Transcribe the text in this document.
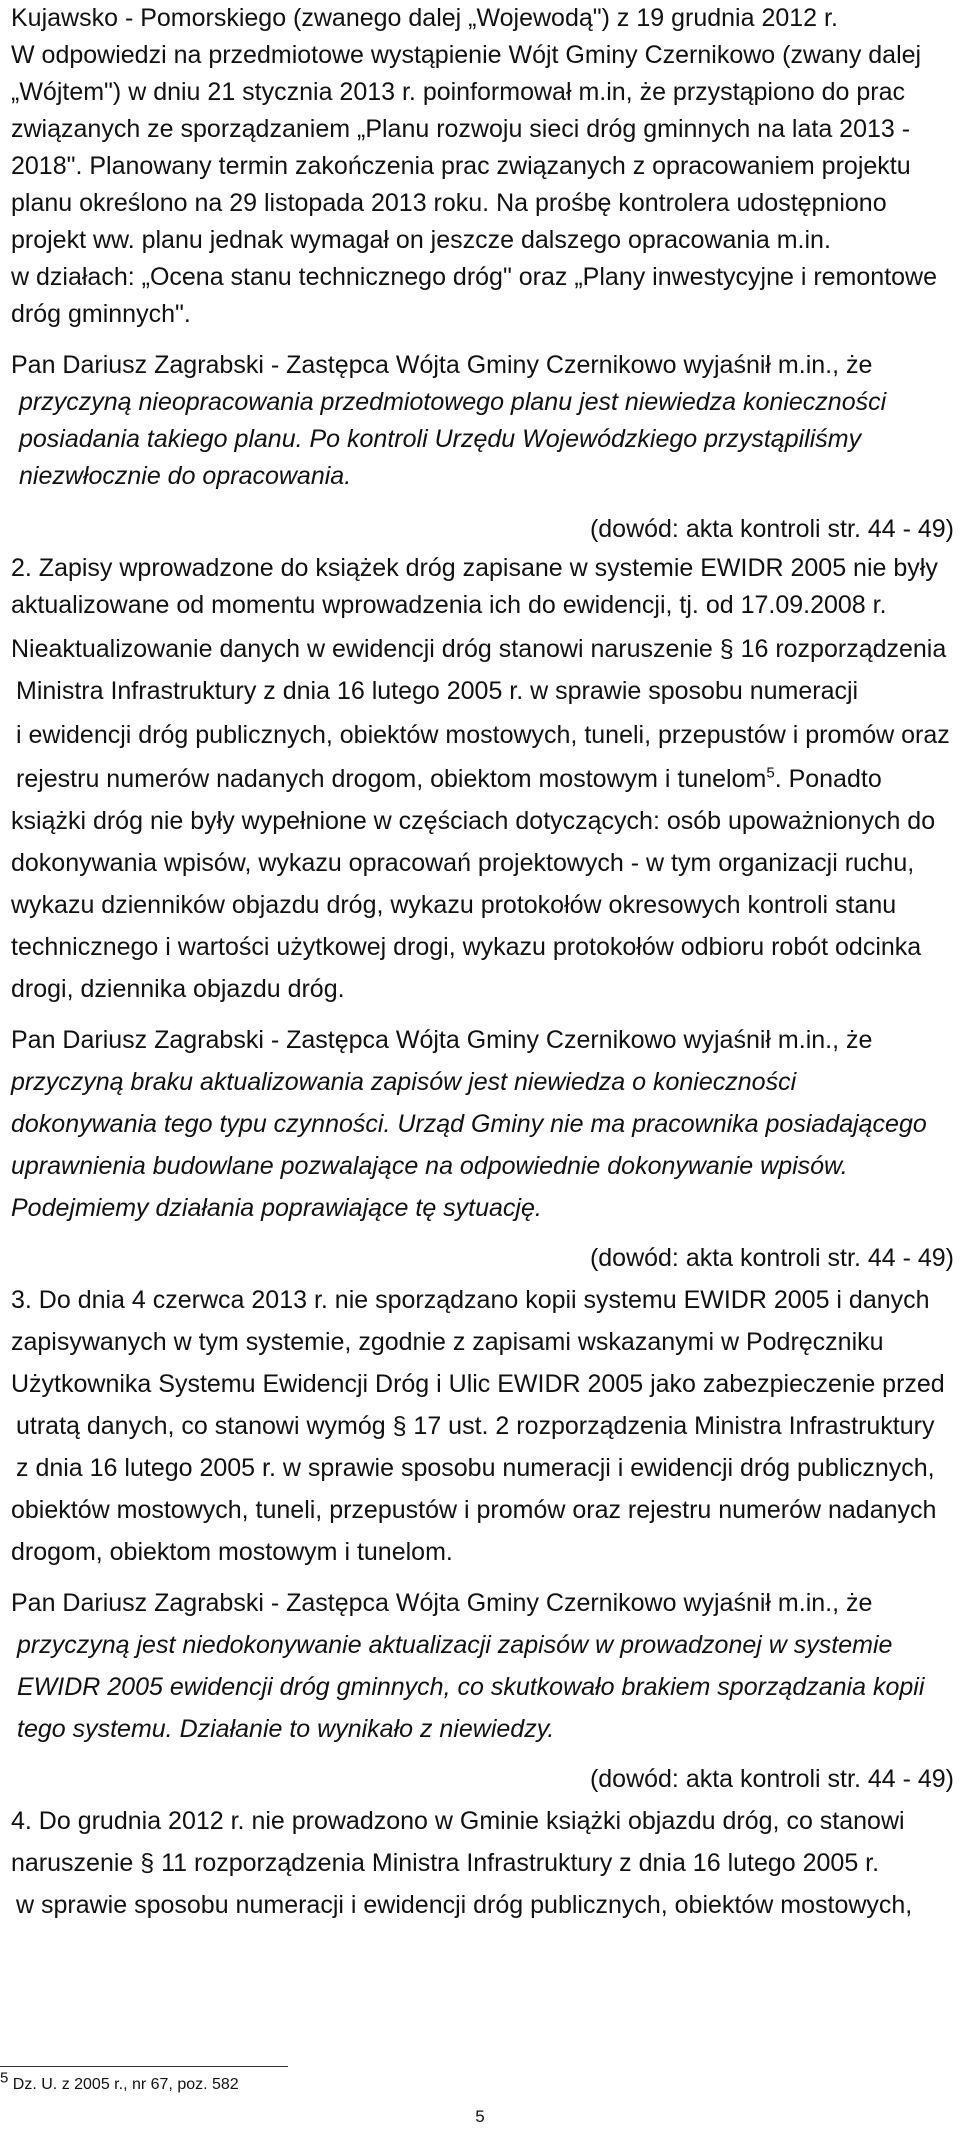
Kujawsko - Pomorskiego (zwanego dalej „Wojewodą") z 19 grudnia 2012 r.
W odpowiedzi na przedmiotowe wystąpienie Wójt Gminy Czernikowo (zwany dalej
„Wójtem") w dniu 21 stycznia 2013 r. poinformował m.in, że przystąpiono do prac
związanych ze sporządzaniem „Planu rozwoju sieci dróg gminnych na lata 2013 -
2018". Planowany termin zakończenia prac związanych z opracowaniem projektu
planu określono na 29 listopada 2013 roku. Na prośbę kontrolera udostępniono
projekt ww. planu jednak wymagał on jeszcze dalszego opracowania m.in.
w działach: „Ocena stanu technicznego dróg" oraz „Plany inwestycyjne i remontowe
dróg gminnych".
Pan Dariusz Zagrabski - Zastępca Wójta Gminy Czernikowo wyjaśnił m.in., że
przyczyną nieopracowania przedmiotowego planu jest niewiedza konieczności
posiadania takiego planu. Po kontroli Urzędu Wojewódzkiego przystąpiliśmy
niezwłocznie do opracowania.
(dowód: akta kontroli str. 44 - 49)
2. Zapisy wprowadzone do książek dróg zapisane w systemie EWIDR 2005 nie były
aktualizowane od momentu wprowadzenia ich do ewidencji, tj. od 17.09.2008 r.
Nieaktualizowanie danych w ewidencji dróg stanowi naruszenie § 16 rozporządzenia
Ministra Infrastruktury z dnia 16 lutego 2005 r. w sprawie sposobu numeracji
i ewidencji dróg publicznych, obiektów mostowych, tuneli, przepustów i promów oraz
rejestru numerów nadanych drogom, obiektom mostowym i tunelom$^5$. Ponadto
książki dróg nie były wypełnione w częściach dotyczących: osób upoważnionych do
dokonywania wpisów, wykazu opracowań projektowych - w tym organizacji ruchu,
wykazu dzienników objazdu dróg, wykazu protokołów okresowych kontroli stanu
technicznego i wartości użytkowej drogi, wykazu protokołów odbioru robót odcinka
drogi, dziennika objazdu dróg.
Pan Dariusz Zagrabski - Zastępca Wójta Gminy Czernikowo wyjaśnił m.in., że
przyczyną braku aktualizowania zapisów jest niewiedza o konieczności
dokonywania tego typu czynności. Urząd Gminy nie ma pracownika posiadającego
uprawnienia budowlane pozwalające na odpowiednie dokonywanie wpisów.
Podejmiemy działania poprawiające tę sytuację.
(dowód: akta kontroli str. 44 - 49)
3. Do dnia 4 czerwca 2013 r. nie sporządzano kopii systemu EWIDR 2005 i danych
zapisywanych w tym systemie, zgodnie z zapisami wskazanymi w Podręczniku
Użytkownika Systemu Ewidencji Dróg i Ulic EWIDR 2005 jako zabezpieczenie przed
utratą danych, co stanowi wymóg § 17 ust. 2 rozporządzenia Ministra Infrastruktury
z dnia 16 lutego 2005 r. w sprawie sposobu numeracji i ewidencji dróg publicznych,
obiektów mostowych, tuneli, przepustów i promów oraz rejestru numerów nadanych
drogom, obiektom mostowym i tunelom.
Pan Dariusz Zagrabski - Zastępca Wójta Gminy Czernikowo wyjaśnił m.in., że
przyczyną jest niedokonywanie aktualizacji zapisów w prowadzonej w systemie
EWIDR 2005 ewidencji dróg gminnych, co skutkowało brakiem sporządzania kopii
tego systemu. Działanie to wynikało z niewiedzy.
(dowód: akta kontroli str. 44 - 49)
4. Do grudnia 2012 r. nie prowadzono w Gminie książki objazdu dróg, co stanowi
naruszenie § 11 rozporządzenia Ministra Infrastruktury z dnia 16 lutego 2005 r.
w sprawie sposobu numeracji i ewidencji dróg publicznych, obiektów mostowych,
$^5$ Dz. U. z 2005 r., nr 67, poz. 582
5
